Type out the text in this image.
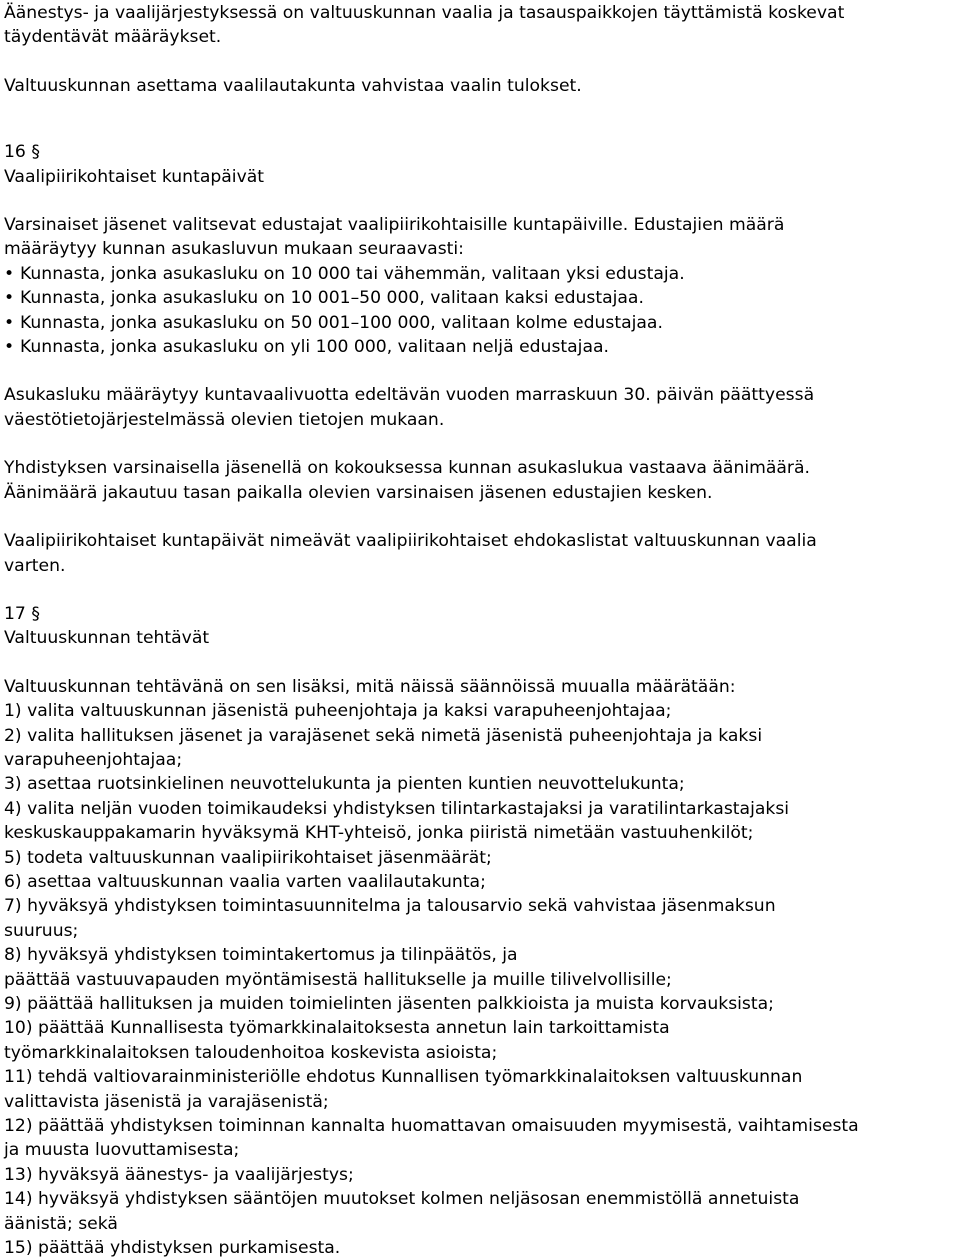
Äänestys- ja vaalijärjestyksessä on valtuuskunnan vaalia ja tasauspaikkojen täyttämistä koskevat
täydentävät määräykset.
Valtuuskunnan asettama vaalilautakunta vahvistaa vaalin tulokset.
16 §
Vaalipiirikohtaiset kuntapäivät
Varsinaiset jäsenet valitsevat edustajat vaalipiirikohtaisille kuntapäiville. Edustajien määrä
määräytyy kunnan asukasluvun mukaan seuraavasti:
• Kunnasta, jonka asukasluku on 10 000 tai vähemmän, valitaan yksi edustaja.
• Kunnasta, jonka asukasluku on 10 001–50 000, valitaan kaksi edustajaa.
• Kunnasta, jonka asukasluku on 50 001–100 000, valitaan kolme edustajaa.
• Kunnasta, jonka asukasluku on yli 100 000, valitaan neljä edustajaa.
Asukasluku määräytyy kuntavaalivuotta edeltävän vuoden marraskuun 30. päivän päättyessä
väestötietojärjestelmässä olevien tietojen mukaan.
Yhdistyksen varsinaisella jäsenellä on kokouksessa kunnan asukaslukua vastaava äänimäärä.
Äänimäärä jakautuu tasan paikalla olevien varsinaisen jäsenen edustajien kesken.
Vaalipiirikohtaiset kuntapäivät nimeävät vaalipiirikohtaiset ehdokaslistat valtuuskunnan vaalia
varten.
17 §
Valtuuskunnan tehtävät
Valtuuskunnan tehtävänä on sen lisäksi, mitä näissä säännöissä muualla määrätään:
1) valita valtuuskunnan jäsenistä puheenjohtaja ja kaksi varapuheenjohtajaa;
2) valita hallituksen jäsenet ja varajäsenet sekä nimetä jäsenistä puheenjohtaja ja kaksi
varapuheenjohtajaa;
3) asettaa ruotsinkielinen neuvottelukunta ja pienten kuntien neuvottelukunta;
4) valita neljän vuoden toimikaudeksi yhdistyksen tilintarkastajaksi ja varatilintarkastajaksi
keskuskauppakamarin hyväksymä KHT-yhteisö, jonka piiristä nimetään vastuuhenkilöt;
5) todeta valtuuskunnan vaalipiirikohtaiset jäsenmäärät;
6) asettaa valtuuskunnan vaalia varten vaalilautakunta;
7) hyväksyä yhdistyksen toimintasuunnitelma ja talousarvio sekä vahvistaa jäsenmaksun
suuruus;
8) hyväksyä yhdistyksen toimintakertomus ja tilinpäätös, ja
päättää vastuuvapauden myöntämisestä hallitukselle ja muille tilivelvollisille;
9) päättää hallituksen ja muiden toimielinten jäsenten palkkioista ja muista korvauksista;
10) päättää Kunnallisesta työmarkkinalaitoksesta annetun lain tarkoittamista
työmarkkinalaitoksen taloudenhoitoa koskevista asioista;
11) tehdä valtiovarainministeriölle ehdotus Kunnallisen työmarkkinalaitoksen valtuuskunnan
valittavista jäsenistä ja varajäsenistä;
12) päättää yhdistyksen toiminnan kannalta huomattavan omaisuuden myymisestä, vaihtamisesta
ja muusta luovuttamisesta;
13) hyväksyä äänestys- ja vaalijärjestys;
14) hyväksyä yhdistyksen sääntöjen muutokset kolmen neljäsosan enemmistöllä annetuista
äänistä; sekä
15) päättää yhdistyksen purkamisesta.
